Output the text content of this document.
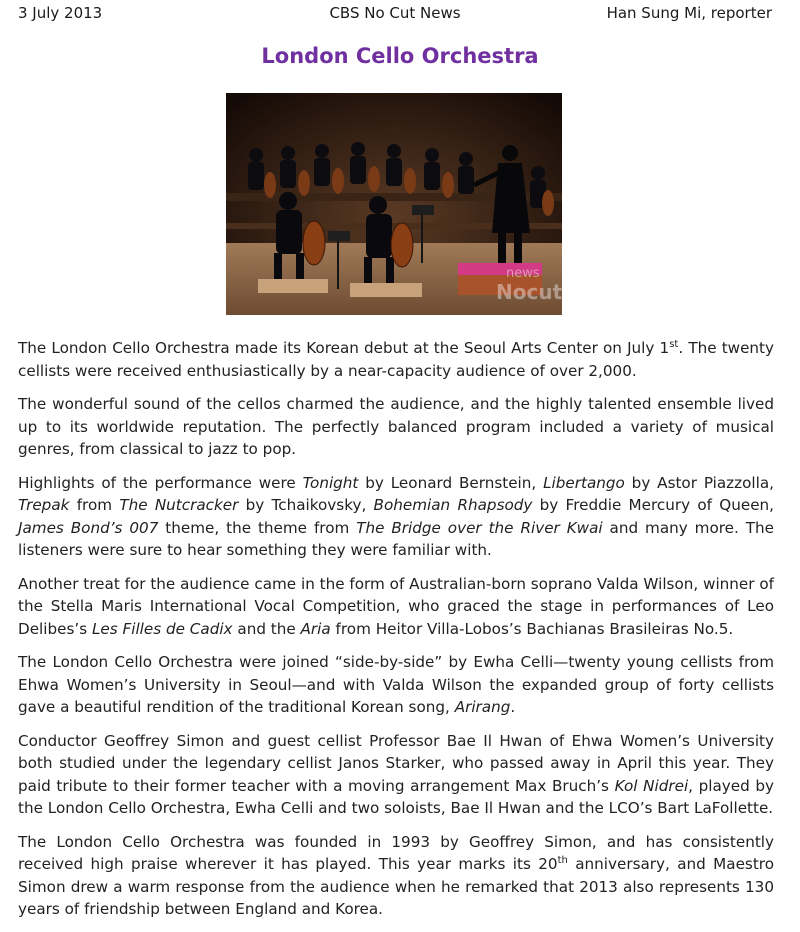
3 July 2013	CBS No Cut News	Han Sung Mi, reporter
London Cello Orchestra
news
Nocut

The London Cello Orchestra made its Korean debut at the Seoul Arts Center on July 1st. The twenty cellists were received enthusiastically by a near-capacity audience of over 2,000.

The wonderful sound of the cellos charmed the audience, and the highly talented ensemble lived up to its worldwide reputation. The perfectly balanced program included a variety of musical genres, from classical to jazz to pop.

Highlights of the performance were Tonight by Leonard Bernstein, Libertango by Astor Piazzolla, Trepak from The Nutcracker by Tchaikovsky, Bohemian Rhapsody by Freddie Mercury of Queen, James Bond’s 007 theme, the theme from The Bridge over the River Kwai and many more. The listeners were sure to hear something they were familiar with.

Another treat for the audience came in the form of Australian-born soprano Valda Wilson, winner of the Stella Maris International Vocal Competition, who graced the stage in performances of Leo Delibes’s Les Filles de Cadix and the Aria from Heitor Villa-Lobos’s Bachianas Brasileiras No.5.

The London Cello Orchestra were joined “side-by-side” by Ewha Celli—twenty young cellists from Ehwa Women’s University in Seoul—and with Valda Wilson the expanded group of forty cellists gave a beautiful rendition of the traditional Korean song, Arirang.

Conductor Geoffrey Simon and guest cellist Professor Bae Il Hwan of Ehwa Women’s University both studied under the legendary cellist Janos Starker, who passed away in April this year. They paid tribute to their former teacher with a moving arrangement Max Bruch’s Kol Nidrei, played by the London Cello Orchestra, Ewha Celli and two soloists, Bae Il Hwan and the LCO’s Bart LaFollette.

The London Cello Orchestra was founded in 1993 by Geoffrey Simon, and has consistently received high praise wherever it has played. This year marks its 20th anniversary, and Maestro Simon drew a warm response from the audience when he remarked that 2013 also represents 130 years of friendship between England and Korea.
